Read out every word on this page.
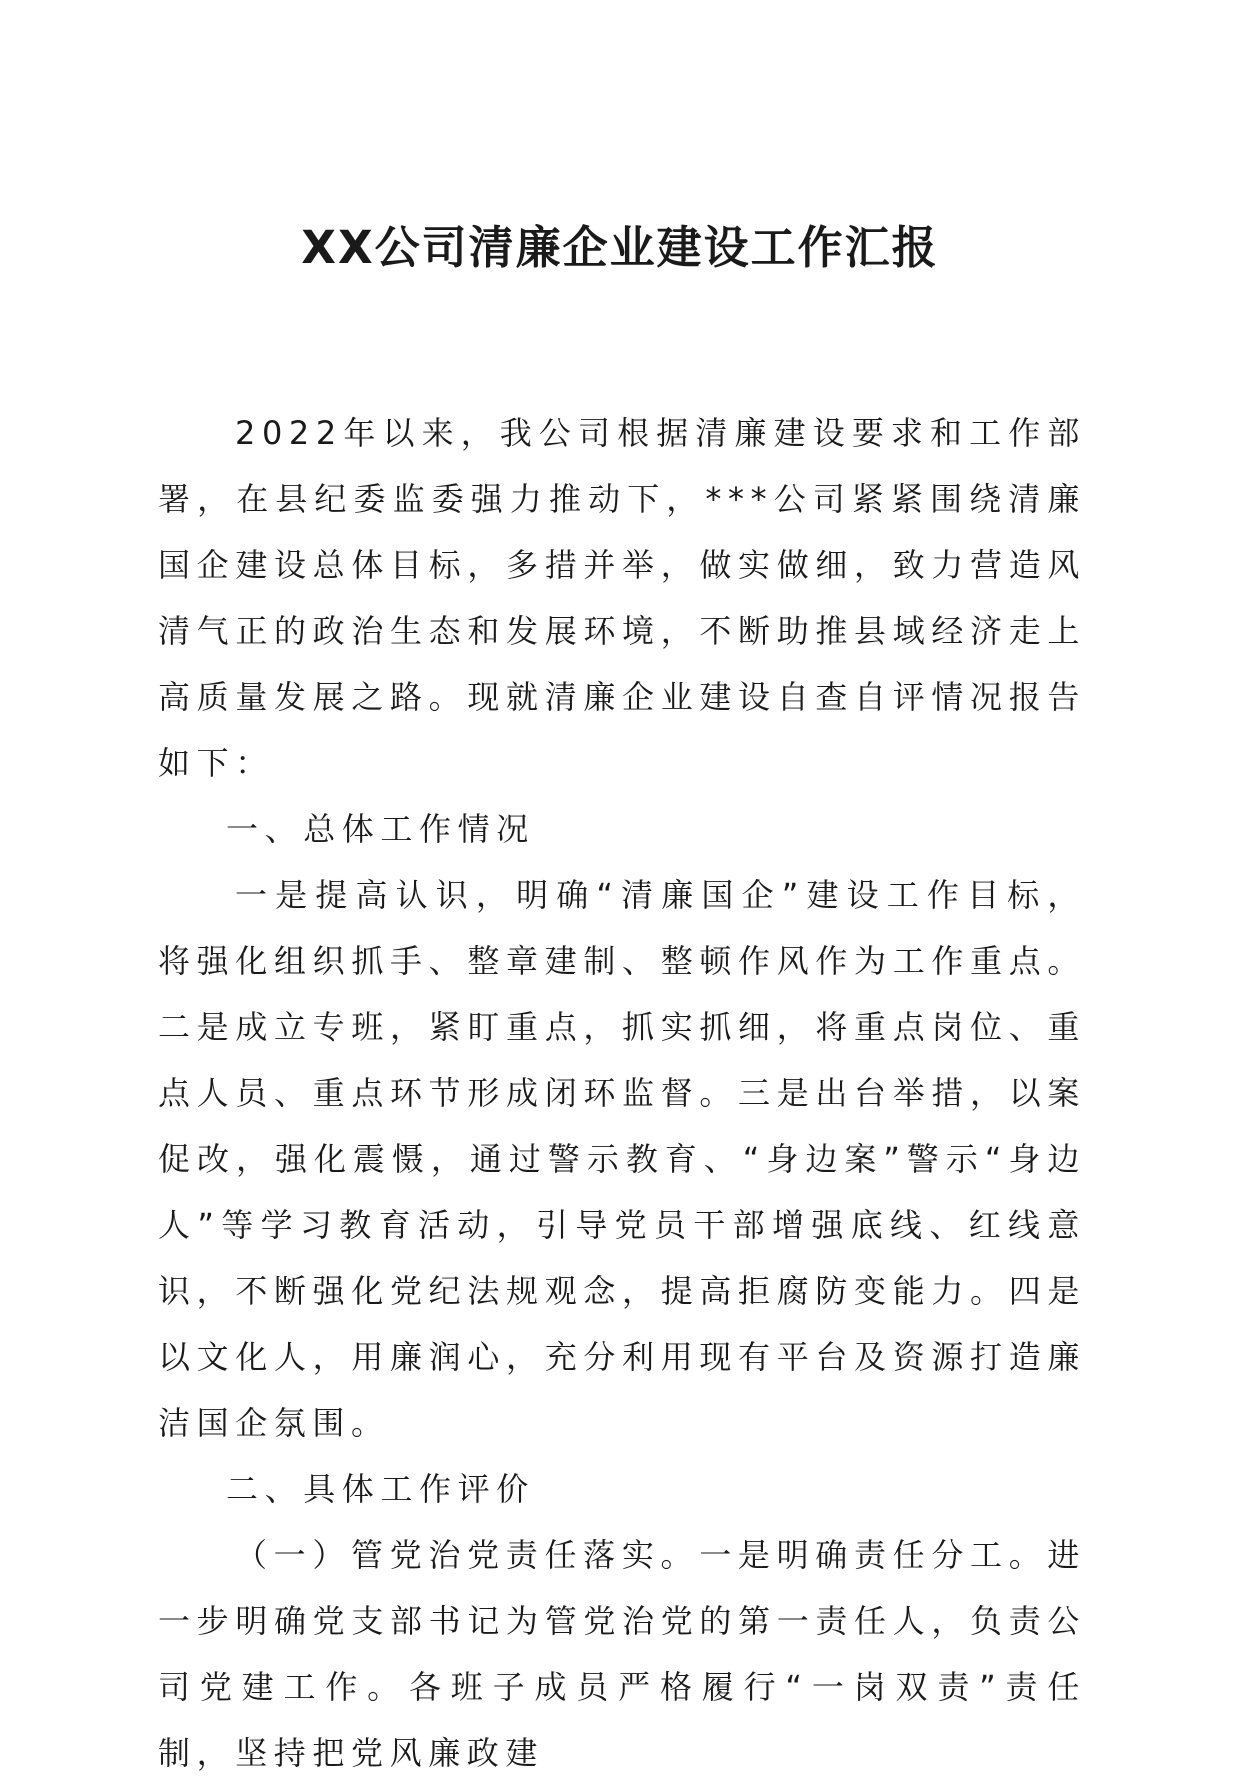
XX公司清廉企业建设工作汇报

2022年以来，我公司根据清廉建设要求和工作部署，在县纪委监委强力推动下，***公司紧紧围绕清廉国企建设总体目标，多措并举，做实做细，致力营造风清气正的政治生态和发展环境，不断助推县域经济走上高质量发展之路。现就清廉企业建设自查自评情况报告如下：

一、总体工作情况

一是提高认识，明确“清廉国企”建设工作目标，将强化组织抓手、整章建制、整顿作风作为工作重点。二是成立专班，紧盯重点，抓实抓细，将重点岗位、重点人员、重点环节形成闭环监督。三是出台举措，以案促改，强化震慑，通过警示教育、“身边案”警示“身边人”等学习教育活动，引导党员干部增强底线、红线意识，不断强化党纪法规观念，提高拒腐防变能力。四是以文化人，用廉润心，充分利用现有平台及资源打造廉洁国企氛围。

二、具体工作评价

（一）管党治党责任落实。一是明确责任分工。进一步明确党支部书记为管党治党的第一责任人，负责公司党建工作。各班子成员严格履行“一岗双责”责任制，坚持把党风廉政建
